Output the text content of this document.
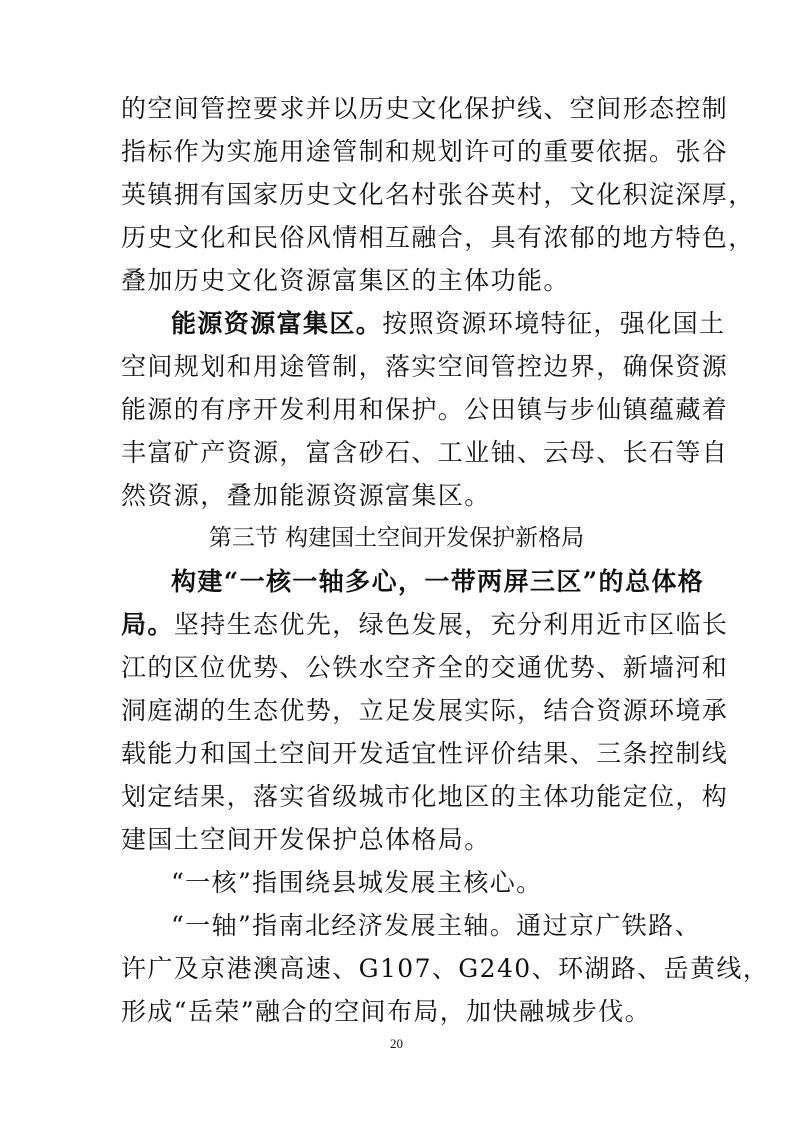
的空间管控要求并以历史文化保护线、空间形态控制
指标作为实施用途管制和规划许可的重要依据。张谷
英镇拥有国家历史文化名村张谷英村，文化积淀深厚，
历史文化和民俗风情相互融合，具有浓郁的地方特色，
叠加历史文化资源富集区的主体功能。
能源资源富集区。按照资源环境特征，强化国土
空间规划和用途管制，落实空间管控边界，确保资源
能源的有序开发利用和保护。公田镇与步仙镇蕴藏着
丰富矿产资源，富含砂石、工业铀、云母、长石等自
然资源，叠加能源资源富集区。
第三节 构建国土空间开发保护新格局
构建“一核一轴多心，一带两屏三区”的总体格
局。坚持生态优先，绿色发展，充分利用近市区临长
江的区位优势、公铁水空齐全的交通优势、新墙河和
洞庭湖的生态优势，立足发展实际，结合资源环境承
载能力和国土空间开发适宜性评价结果、三条控制线
划定结果，落实省级城市化地区的主体功能定位，构
建国土空间开发保护总体格局。
“一核”指围绕县城发展主核心。
“一轴”指南北经济发展主轴。通过京广铁路、
许广及京港澳高速、G107、G240、环湖路、岳黄线，
形成“岳荣”融合的空间布局，加快融城步伐。
20
